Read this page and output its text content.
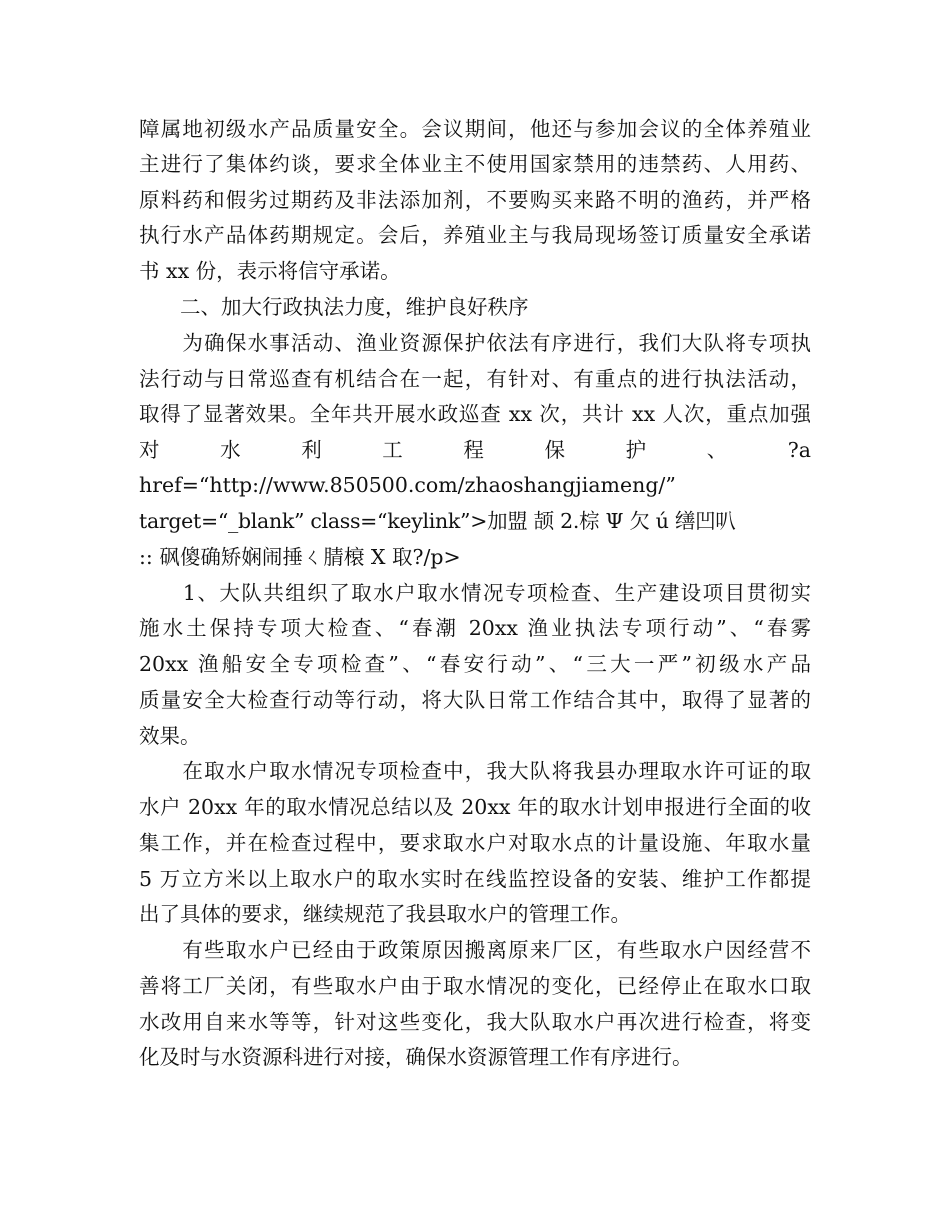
障属地初级水产品质量安全。会议期间，他还与参加会议的全体养殖业
主进行了集体约谈，要求全体业主不使用国家禁用的违禁药、人用药、
原料药和假劣过期药及非法添加剂，不要购买来路不明的渔药，并严格
执行水产品体药期规定。会后，养殖业主与我局现场签订质量安全承诺
书 xx 份，表示将信守承诺。
　　二、加大行政执法力度，维护良好秩序
　　为确保水事活动、渔业资源保护依法有序进行，我们大队将专项执
法行动与日常巡查有机结合在一起，有针对、有重点的进行执法活动，
取得了显著效果。全年共开展水政巡查 xx 次，共计 xx 人次，重点加强
对 水 利 工 程 保 护 、 ?a
href=“http://www.850500.com/zhaoshangjiameng/”
target=“_blank” class=“keylink”>加盟 颉 2.棕 Ψ 欠 ú 缮凹叭
:: 砜傻确矫娴闹捶ㄑ腈榱 X 取?/p>
　　1、大队共组织了取水户取水情况专项检查、生产建设项目贯彻实
施水土保持专项大检查、“春潮 20xx 渔业执法专项行动”、“春雾
20xx 渔船安全专项检查”、“春安行动”、“三大一严”初级水产品
质量安全大检查行动等行动，将大队日常工作结合其中，取得了显著的
效果。
　　在取水户取水情况专项检查中，我大队将我县办理取水许可证的取
水户 20xx 年的取水情况总结以及 20xx 年的取水计划申报进行全面的收
集工作，并在检查过程中，要求取水户对取水点的计量设施、年取水量
5 万立方米以上取水户的取水实时在线监控设备的安装、维护工作都提
出了具体的要求，继续规范了我县取水户的管理工作。
　　有些取水户已经由于政策原因搬离原来厂区，有些取水户因经营不
善将工厂关闭，有些取水户由于取水情况的变化，已经停止在取水口取
水改用自来水等等，针对这些变化，我大队取水户再次进行检查，将变
化及时与水资源科进行对接，确保水资源管理工作有序进行。
